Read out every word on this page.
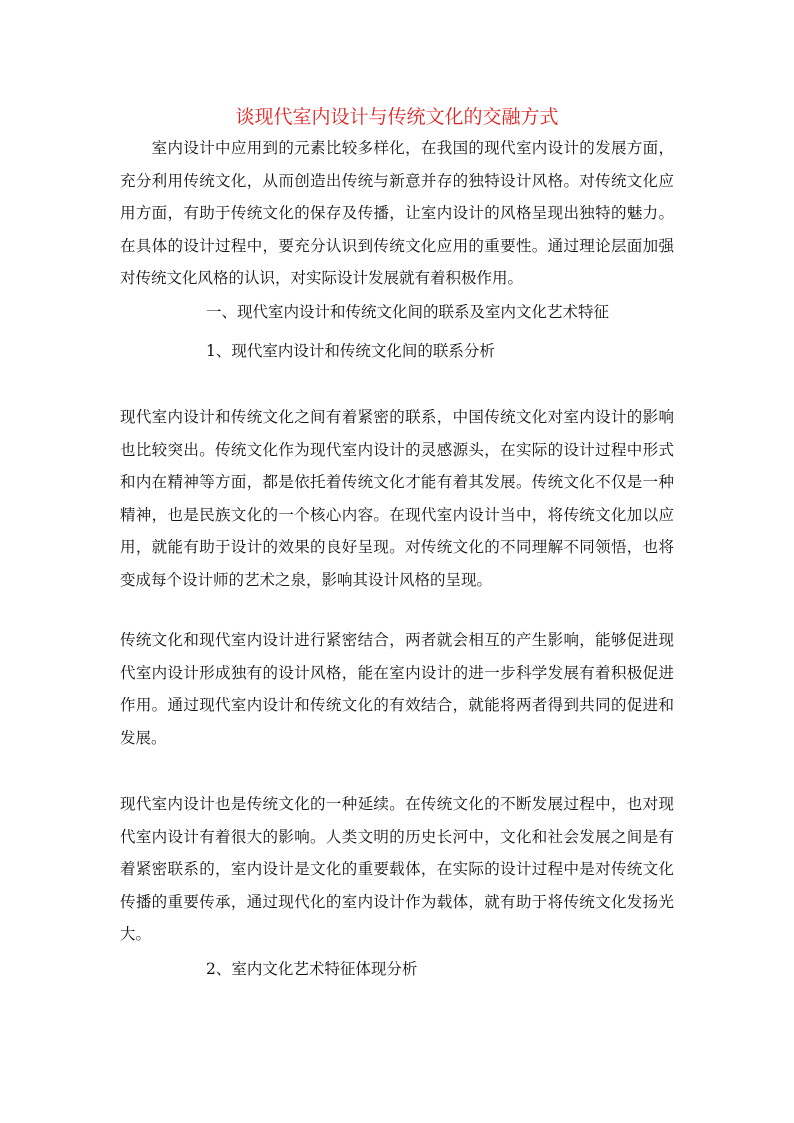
谈现代室内设计与传统文化的交融方式

　　室内设计中应用到的元素比较多样化，在我国的现代室内设计的发展方面，充分利用传统文化，从而创造出传统与新意并存的独特设计风格。对传统文化应用方面，有助于传统文化的保存及传播，让室内设计的风格呈现出独特的魅力。在具体的设计过程中，要充分认识到传统文化应用的重要性。通过理论层面加强对传统文化风格的认识，对实际设计发展就有着积极作用。

一、现代室内设计和传统文化间的联系及室内文化艺术特征

1、现代室内设计和传统文化间的联系分析

现代室内设计和传统文化之间有着紧密的联系，中国传统文化对室内设计的影响也比较突出。传统文化作为现代室内设计的灵感源头，在实际的设计过程中形式和内在精神等方面，都是依托着传统文化才能有着其发展。传统文化不仅是一种精神，也是民族文化的一个核心内容。在现代室内设计当中，将传统文化加以应用，就能有助于设计的效果的良好呈现。对传统文化的不同理解不同领悟，也将变成每个设计师的艺术之泉，影响其设计风格的呈现。

传统文化和现代室内设计进行紧密结合，两者就会相互的产生影响，能够促进现代室内设计形成独有的设计风格，能在室内设计的进一步科学发展有着积极促进作用。通过现代室内设计和传统文化的有效结合，就能将两者得到共同的促进和发展。

现代室内设计也是传统文化的一种延续。在传统文化的不断发展过程中，也对现代室内设计有着很大的影响。人类文明的历史长河中，文化和社会发展之间是有着紧密联系的，室内设计是文化的重要载体，在实际的设计过程中是对传统文化传播的重要传承，通过现代化的室内设计作为载体，就有助于将传统文化发扬光大。

2、室内文化艺术特征体现分析
